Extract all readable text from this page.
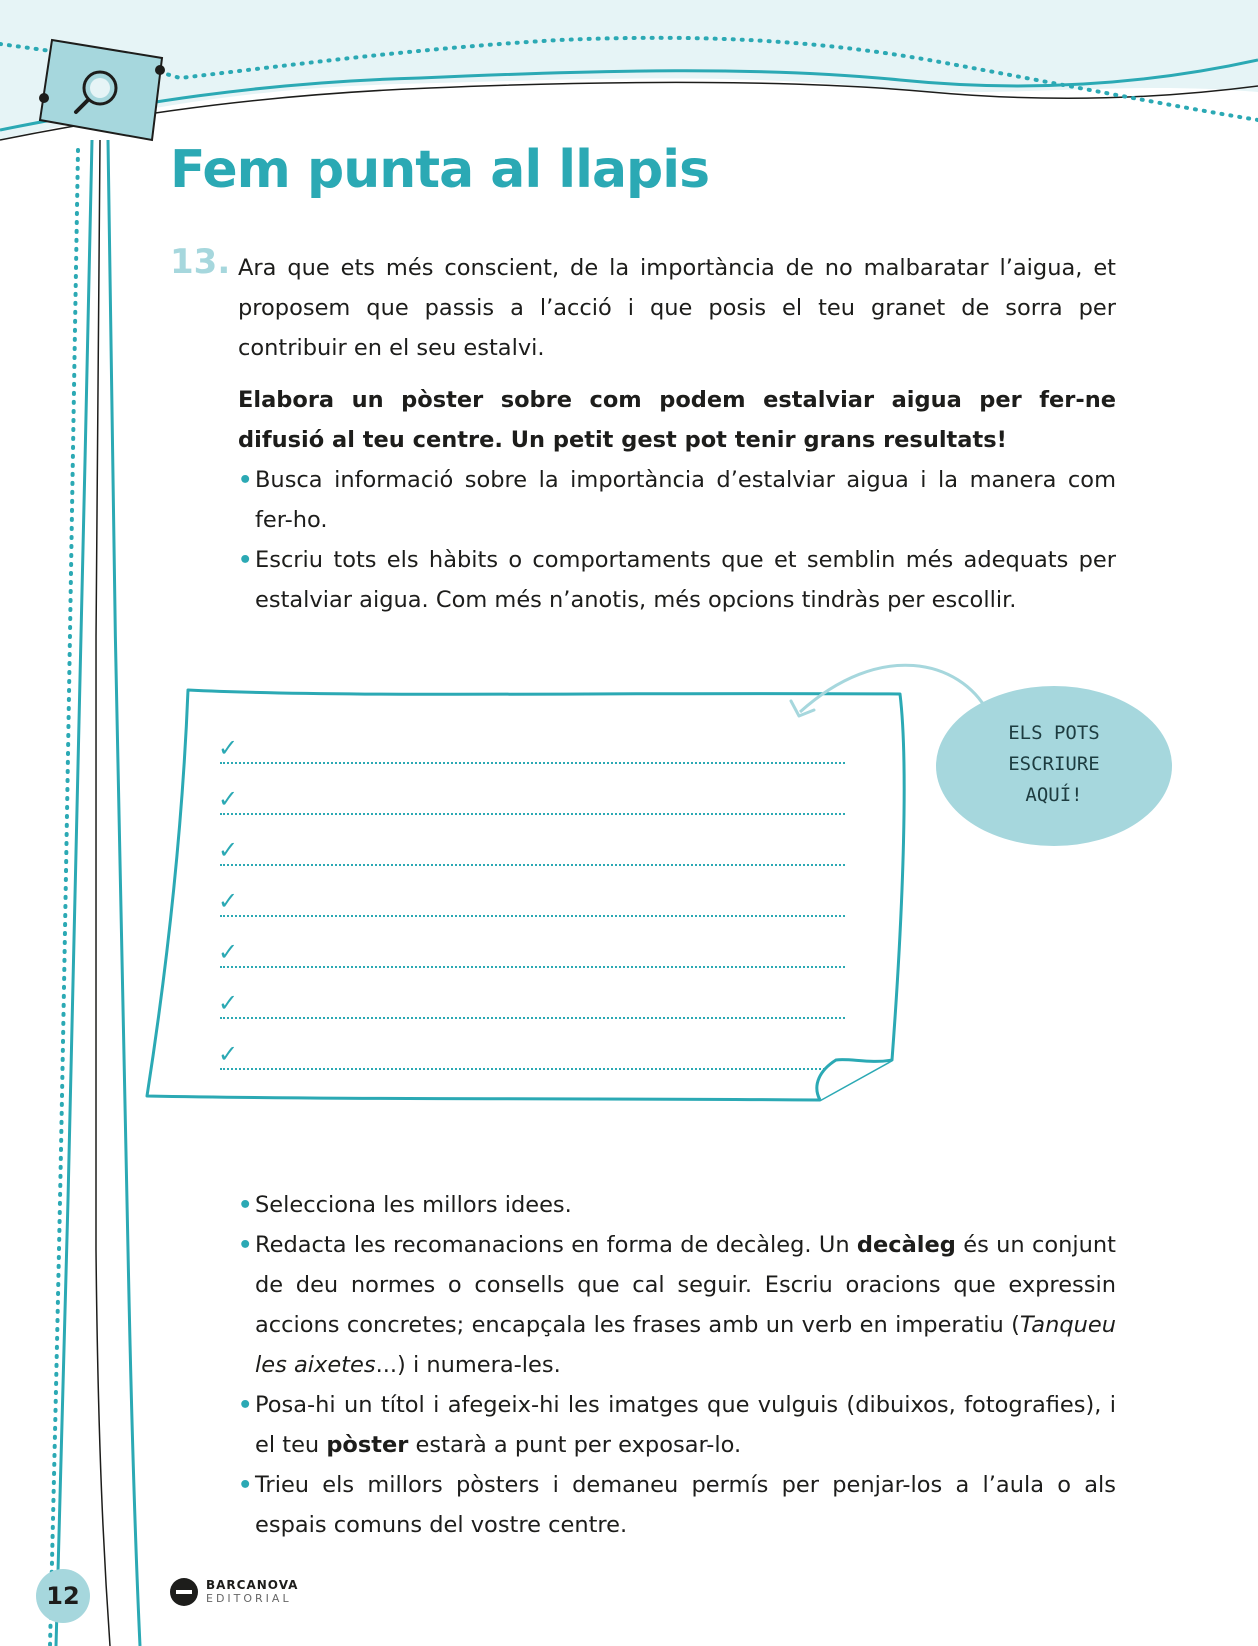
Fem punta al llapis
13. Ara que ets més conscient, de la importància de no malbaratar l’aigua, et proposem que passis a l’acció i que posis el teu granet de sorra per contribuir en el seu estalvi.

Elabora un pòster sobre com podem estalviar aigua per fer-ne difusió al teu centre. Un petit gest pot tenir grans resultats!

• Busca informació sobre la importància d’estalviar aigua i la manera com fer-ho.

• Escriu tots els hàbits o comportaments que et semblin més adequats per estalviar aigua. Com més n’anotis, més opcions tindràs per escollir.

✓
✓
✓
✓
✓
✓
✓
ELS POTS
ESCRIURE
AQUÍ!

• Selecciona les millors idees.

• Redacta les recomanacions en forma de decàleg. Un decàleg és un conjunt de deu normes o consells que cal seguir. Escriu oracions que expressin accions concretes; encapçala les frases amb un verb en imperatiu (Tanqueu les aixetes...) i numera-les.

• Posa-hi un títol i afegeix-hi les imatges que vulguis (dibuixos, fotografies), i el teu pòster estarà a punt per exposar-lo.

• Trieu els millors pòsters i demaneu permís per penjar-los a l’aula o als espais comuns del vostre centre.

12	BARCANOVA
EDITORIAL
